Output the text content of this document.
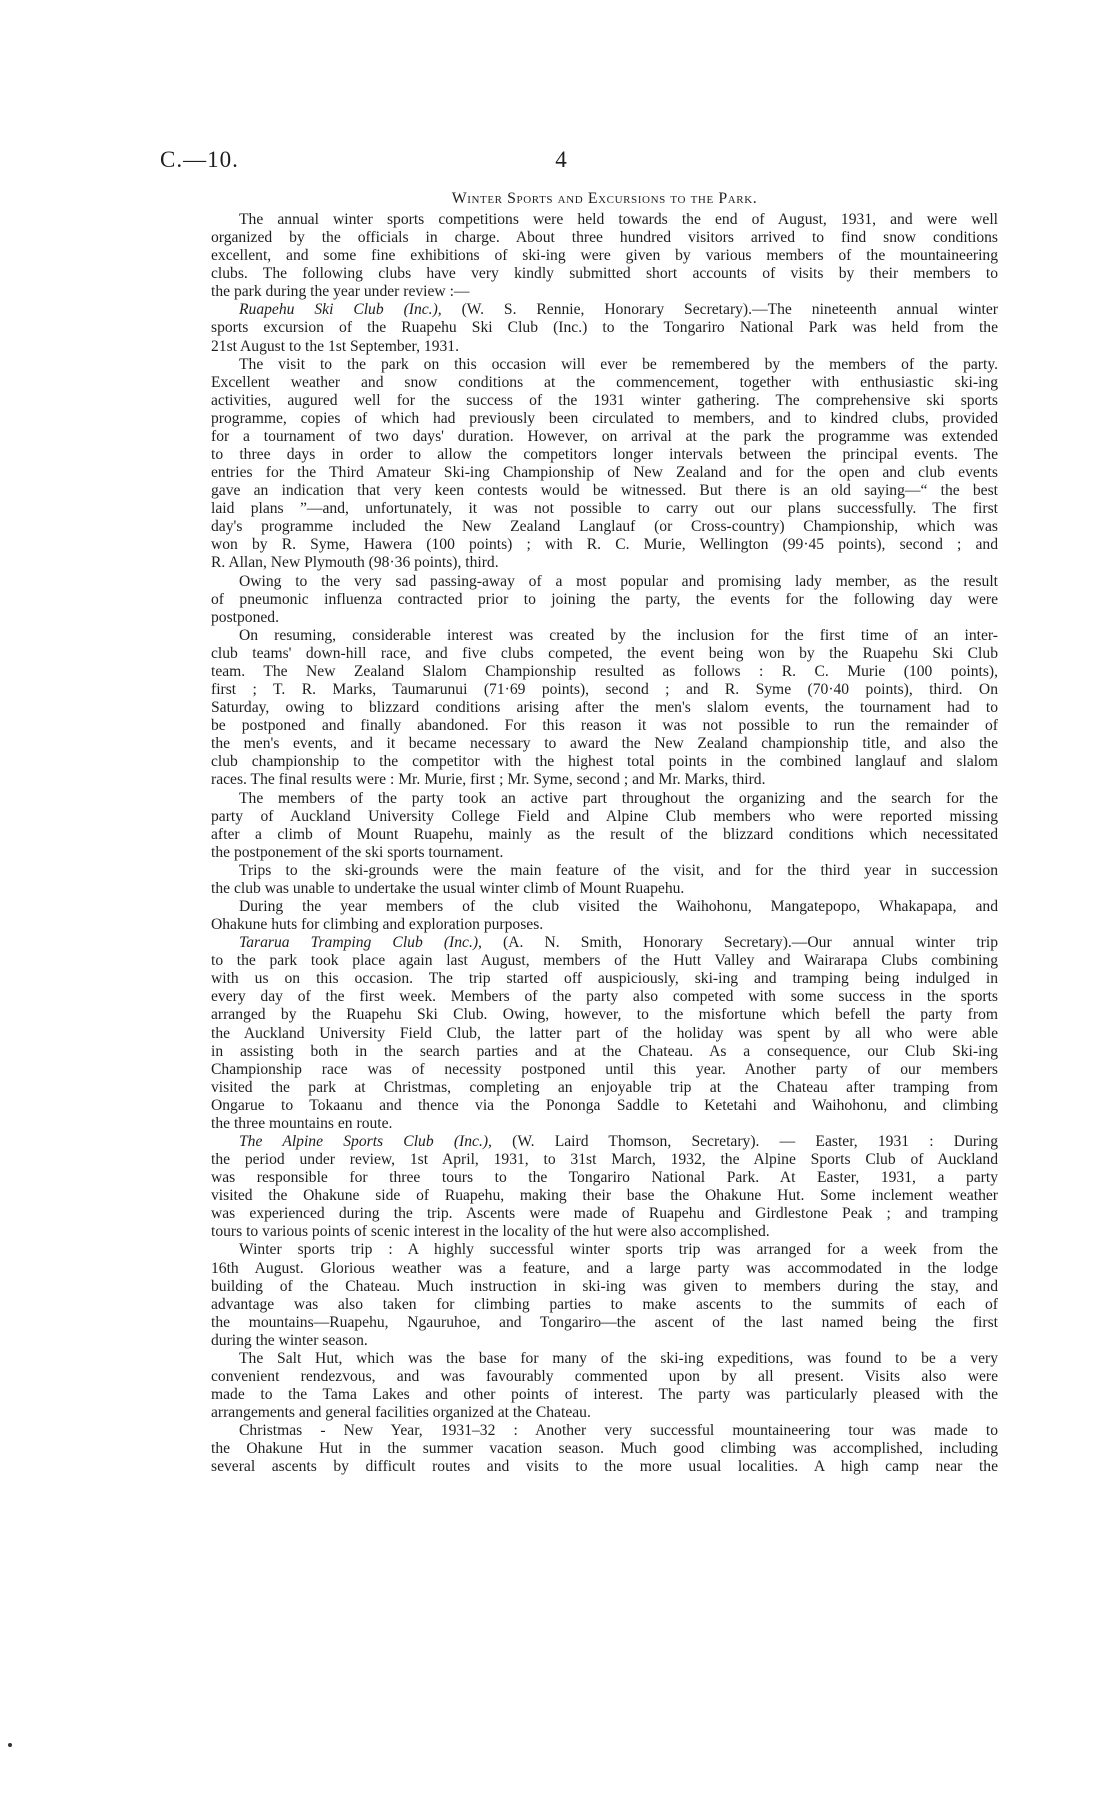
C.—10.	4
Winter Sports and Excursions to the Park.

The annual winter sports competitions were held towards the end of August, 1931, and were well
organized by the officials in charge. About three hundred visitors arrived to find snow conditions
excellent, and some fine exhibitions of ski-ing were given by various members of the mountaineering
clubs. The following clubs have very kindly submitted short accounts of visits by their members to
the park during the year under review :—

Ruapehu Ski Club (Inc.), (W. S. Rennie, Honorary Secretary).—The nineteenth annual winter
sports excursion of the Ruapehu Ski Club (Inc.) to the Tongariro National Park was held from the
21st August to the 1st September, 1931.

The visit to the park on this occasion will ever be remembered by the members of the party.
Excellent weather and snow conditions at the commencement, together with enthusiastic ski-ing
activities, augured well for the success of the 1931 winter gathering. The comprehensive ski sports
programme, copies of which had previously been circulated to members, and to kindred clubs, provided
for a tournament of two days' duration. However, on arrival at the park the programme was extended
to three days in order to allow the competitors longer intervals between the principal events. The
entries for the Third Amateur Ski-ing Championship of New Zealand and for the open and club events
gave an indication that very keen contests would be witnessed. But there is an old saying—“ the best
laid plans ”—and, unfortunately, it was not possible to carry out our plans successfully. The first
day's programme included the New Zealand Langlauf (or Cross-country) Championship, which was
won by R. Syme, Hawera (100 points) ; with R. C. Murie, Wellington (99·45 points), second ; and
R. Allan, New Plymouth (98·36 points), third.

Owing to the very sad passing-away of a most popular and promising lady member, as the result
of pneumonic influenza contracted prior to joining the party, the events for the following day were
postponed.

On resuming, considerable interest was created by the inclusion for the first time of an inter-
club teams' down-hill race, and five clubs competed, the event being won by the Ruapehu Ski Club
team. The New Zealand Slalom Championship resulted as follows : R. C. Murie (100 points),
first ; T. R. Marks, Taumarunui (71·69 points), second ; and R. Syme (70·40 points), third. On
Saturday, owing to blizzard conditions arising after the men's slalom events, the tournament had to
be postponed and finally abandoned. For this reason it was not possible to run the remainder of
the men's events, and it became necessary to award the New Zealand championship title, and also the
club championship to the competitor with the highest total points in the combined langlauf and slalom
races. The final results were : Mr. Murie, first ; Mr. Syme, second ; and Mr. Marks, third.

The members of the party took an active part throughout the organizing and the search for the
party of Auckland University College Field and Alpine Club members who were reported missing
after a climb of Mount Ruapehu, mainly as the result of the blizzard conditions which necessitated
the postponement of the ski sports tournament.

Trips to the ski-grounds were the main feature of the visit, and for the third year in succession
the club was unable to undertake the usual winter climb of Mount Ruapehu.

During the year members of the club visited the Waihohonu, Mangatepopo, Whakapapa, and
Ohakune huts for climbing and exploration purposes.

Tararua Tramping Club (Inc.), (A. N. Smith, Honorary Secretary).—Our annual winter trip
to the park took place again last August, members of the Hutt Valley and Wairarapa Clubs combining
with us on this occasion. The trip started off auspiciously, ski-ing and tramping being indulged in
every day of the first week. Members of the party also competed with some success in the sports
arranged by the Ruapehu Ski Club. Owing, however, to the misfortune which befell the party from
the Auckland University Field Club, the latter part of the holiday was spent by all who were able
in assisting both in the search parties and at the Chateau. As a consequence, our Club Ski-ing
Championship race was of necessity postponed until this year. Another party of our members
visited the park at Christmas, completing an enjoyable trip at the Chateau after tramping from
Ongarue to Tokaanu and thence via the Pononga Saddle to Ketetahi and Waihohonu, and climbing
the three mountains en route.

The Alpine Sports Club (Inc.), (W. Laird Thomson, Secretary). — Easter, 1931 : During
the period under review, 1st April, 1931, to 31st March, 1932, the Alpine Sports Club of Auckland
was responsible for three tours to the Tongariro National Park. At Easter, 1931, a party
visited the Ohakune side of Ruapehu, making their base the Ohakune Hut. Some inclement weather
was experienced during the trip. Ascents were made of Ruapehu and Girdlestone Peak ; and tramping
tours to various points of scenic interest in the locality of the hut were also accomplished.

Winter sports trip : A highly successful winter sports trip was arranged for a week from the
16th August. Glorious weather was a feature, and a large party was accommodated in the lodge
building of the Chateau. Much instruction in ski-ing was given to members during the stay, and
advantage was also taken for climbing parties to make ascents to the summits of each of
the mountains—Ruapehu, Ngauruhoe, and Tongariro—the ascent of the last named being the first
during the winter season.

The Salt Hut, which was the base for many of the ski-ing expeditions, was found to be a very
convenient rendezvous, and was favourably commented upon by all present. Visits also were
made to the Tama Lakes and other points of interest. The party was particularly pleased with the
arrangements and general facilities organized at the Chateau.

Christmas - New Year, 1931–32 : Another very successful mountaineering tour was made to
the Ohakune Hut in the summer vacation season. Much good climbing was accomplished, including
several ascents by difficult routes and visits to the more usual localities. A high camp near the
